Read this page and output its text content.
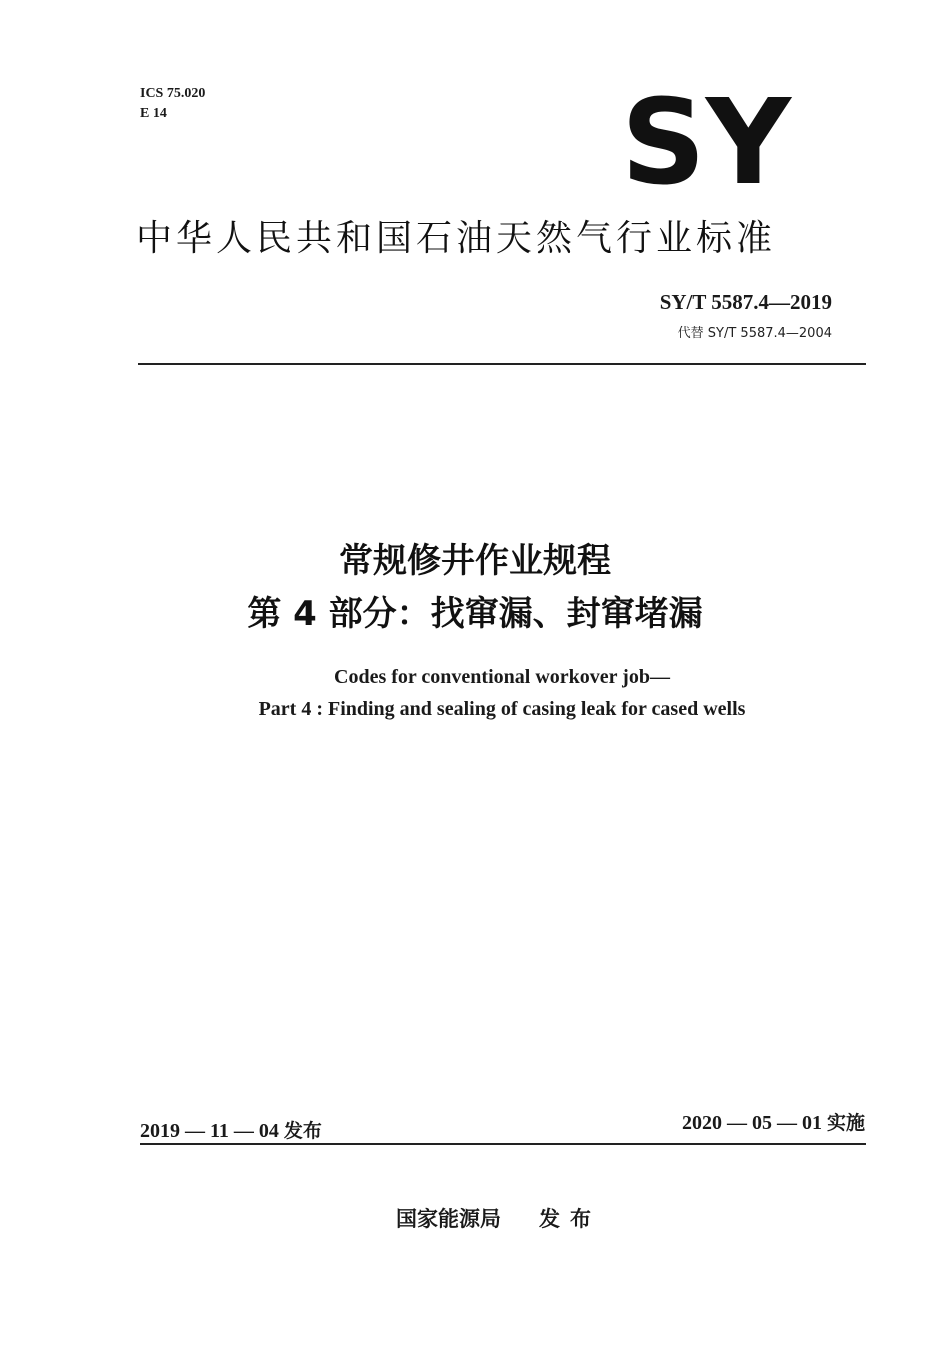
ICS 75.020
E 14	SY
中华人民共和国石油天然气行业标准
SY/T 5587.4—2019
代替 SY/T 5587.4—2004
常规修井作业规程
第 4 部分：找窜漏、封窜堵漏
Codes for conventional workover job—
Part 4 : Finding and sealing of casing leak for cased wells
2019 — 11 — 04 发布	2020 — 05 — 01 实施
国家能源局 发布
